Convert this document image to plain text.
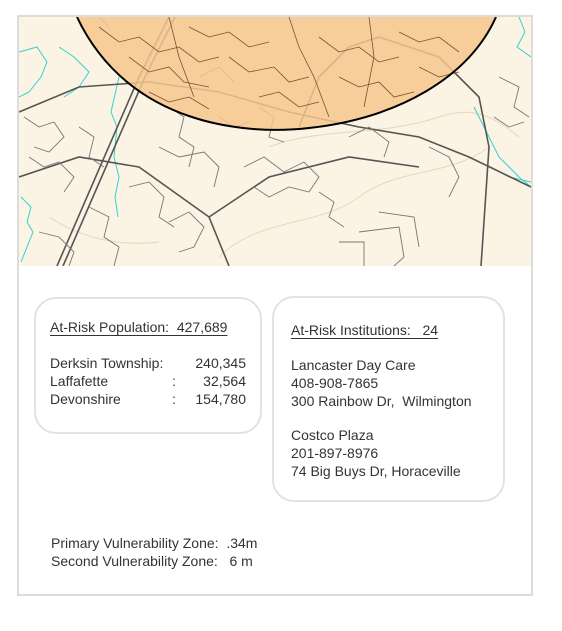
At-Risk Population:  427,689

Derksin Township:

240,345

Laffafette

	:

32,564

Devonshire

	:

154,780

At-Risk Institutions:   24
Lancaster Day Care
408-908-7865
300 Rainbow Dr,  Wilmington
Costco Plaza
201-897-8976
74 Big Buys Dr, Horaceville
Primary Vulnerability Zone:  .34m
Second Vulnerability Zone:   6 m
